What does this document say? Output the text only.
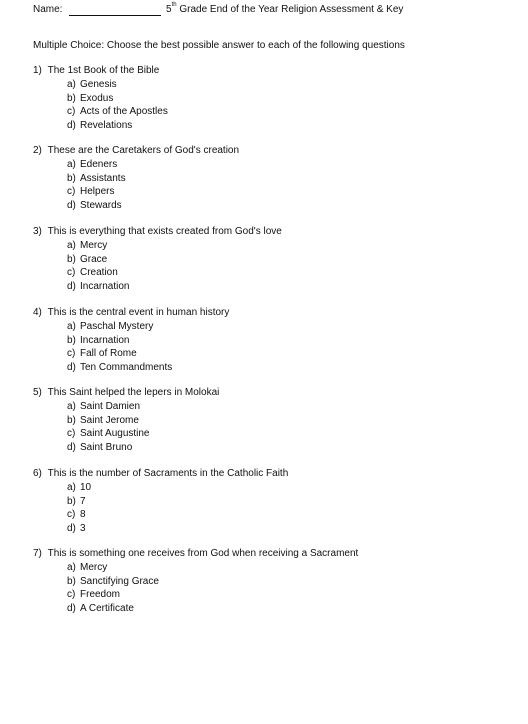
Name:	5th Grade End of the Year Religion Assessment & Key
Multiple Choice: Choose the best possible answer to each of the following questions
1) The 1st Book of the Bible
a) Genesis
b) Exodus
c) Acts of the Apostles
d) Revelations
2) These are the Caretakers of God's creation
a) Edeners
b) Assistants
c) Helpers
d) Stewards
3) This is everything that exists created from God's love
a) Mercy
b) Grace
c) Creation
d) Incarnation
4) This is the central event in human history
a) Paschal Mystery
b) Incarnation
c) Fall of Rome
d) Ten Commandments
5) This Saint helped the lepers in Molokai
a) Saint Damien
b) Saint Jerome
c) Saint Augustine
d) Saint Bruno
6) This is the number of Sacraments in the Catholic Faith
a) 10
b) 7
c) 8
d) 3
7) This is something one receives from God when receiving a Sacrament
a) Mercy
b) Sanctifying Grace
c) Freedom
d) A Certificate
